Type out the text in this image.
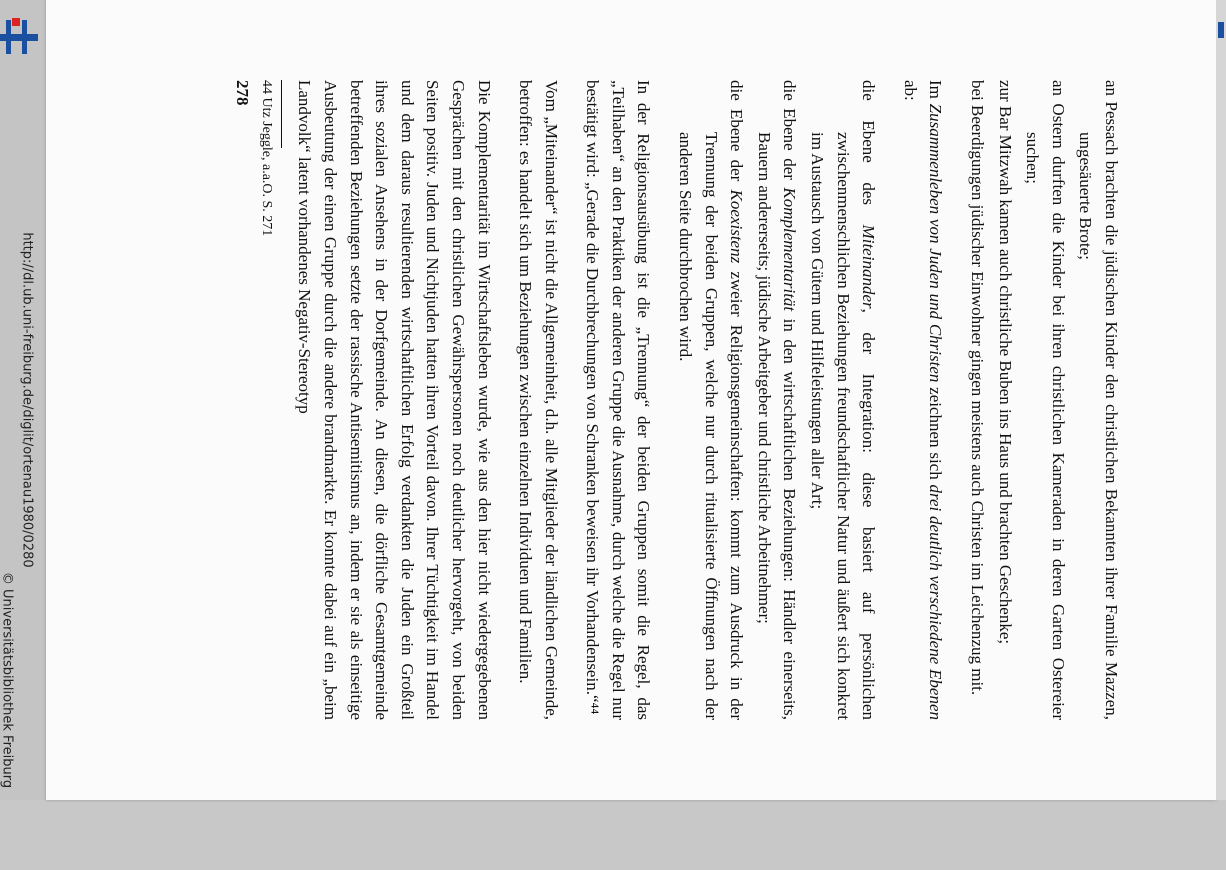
http://dl.ub.uni-freiburg.de/diglit/ortenau1980/0280
© Universitätsbibliothek Freiburg	an Pessach brachten die jüdischen Kinder den christlichen Bekannten ihrer Familie Mazzen, ungesäuerte Brote;

an Ostern durften die Kinder bei ihren christlichen Kameraden in deren Garten Ostereier suchen;

zur Bar Mitzwah kamen auch christliche Buben ins Haus und brachten Geschenke;

bei Beerdigungen jüdischer Einwohner gingen meistens auch Christen im Leichenzug mit.

Im Zusammenleben von Juden und Christen zeichnen sich drei deutlich verschiedene Ebenen ab:

die Ebene des Miteinander, der Integration: diese basiert auf persönlichen zwischenmenschlichen Beziehungen freundschaftlicher Natur und äußert sich konkret im Austausch von Gütern und Hilfeleistungen aller Art;

die Ebene der Komplementarität in den wirtschaftlichen Beziehungen: Händler einerseits, Bauern andererseits; jüdische Arbeitgeber und christliche Arbeitnehmer;

die Ebene der Koexistenz zweier Religionsgemeinschaften: kommt zum Ausdruck in der Trennung der beiden Gruppen, welche nur durch ritualisierte Öffnungen nach der anderen Seite durchbrochen wird.

In der Religionsausübung ist die „Trennung“ der beiden Gruppen somit die Regel, das „Teilhaben“ an den Praktiken der anderen Gruppe die Ausnahme, durch welche die Regel nur bestätigt wird: „Gerade die Durchbrechungen von Schranken beweisen ihr Vorhandensein.“⁴⁴

Vom „Miteinander“ ist nicht die Allgemeinheit, d.h. alle Mitglieder der ländlichen Gemeinde, betroffen: es handelt sich um Beziehungen zwischen einzelnen Individuen und Familien.

Die Komplementarität im Wirtschaftsleben wurde, wie aus den hier nicht wiedergegebenen Gesprächen mit den christlichen Gewährspersonen noch deutlicher hervorgeht, von beiden Seiten positiv. Juden und Nichtjuden hatten ihren Vorteil davon. Ihrer Tüchtigkeit im Handel und dem daraus resultierenden wirtschaftlichen Erfolg verdankten die Juden ein Großteil ihres sozialen Ansehens in der Dorfgemeinde. An diesen, die dörfliche Gesamtgemeinde betreffenden Beziehungen setzte der rassische Antisemitismus an, indem er sie als einseitige Ausbeutung der einen Gruppe durch die andere brandmarkte. Er konnte dabei auf ein „beim Landvolk“ latent vorhandenes Negativ-Stereotyp

44 Utz Jeggle, a.a.O. S. 271

278
